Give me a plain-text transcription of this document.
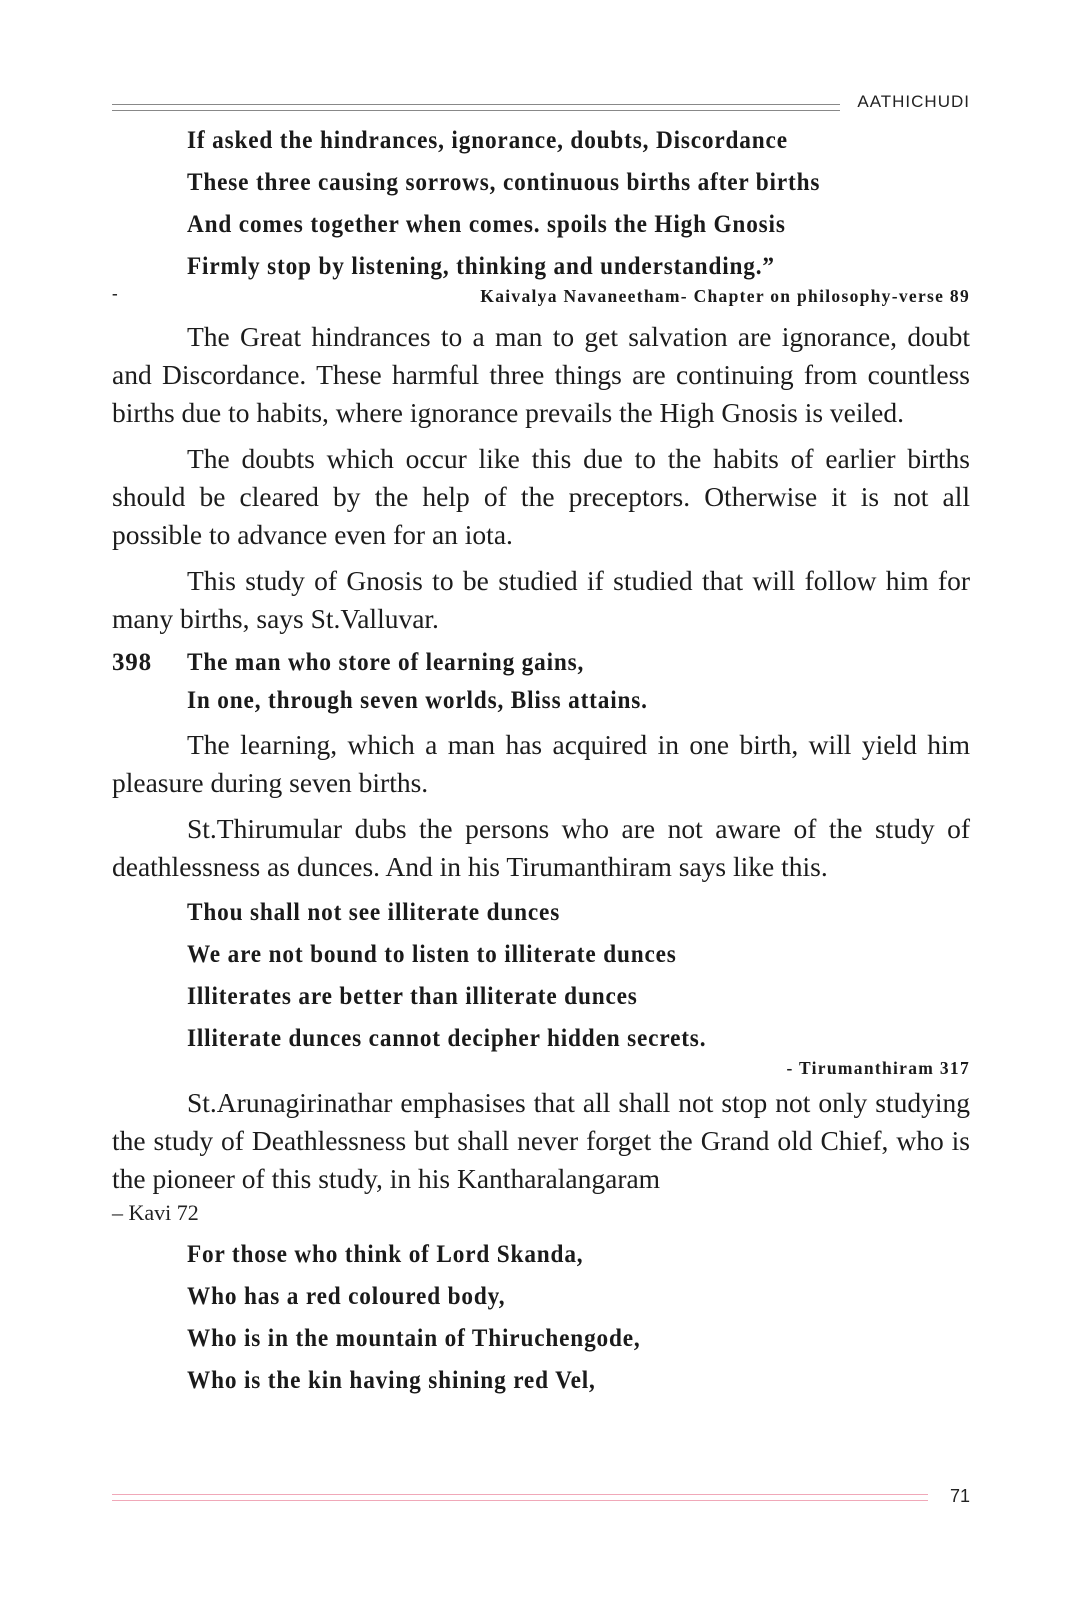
AATHICHUDI
If asked the hindrances, ignorance, doubts, Discordance
These three causing sorrows, continuous births after births
And comes together when comes. spoils the High Gnosis
Firmly stop by listening, thinking and understanding.”
-	Kaivalya Navaneetham- Chapter on philosophy-verse 89

The Great hindrances to a man to get salvation are ignorance, doubt and Discordance. These harmful three things are continuing from countless births due to habits, where ignorance prevails the High Gnosis is veiled.

The doubts which occur like this due to the habits of earlier births should be cleared by the help of the preceptors. Otherwise it is not all possible to advance even for an iota.

This study of Gnosis to be studied if studied that will follow him for many births, says St.Valluvar.

398	The man who store of learning gains,
In one, through seven worlds, Bliss attains.

The learning, which a man has acquired in one birth, will yield him pleasure during seven births.

St.Thirumular dubs the persons who are not aware of the study of deathlessness as dunces. And in his Tirumanthiram says like this.

Thou shall not see illiterate dunces
We are not bound to listen to illiterate dunces
Illiterates are better than illiterate dunces
Illiterate dunces cannot decipher hidden secrets.
- Tirumanthiram 317

St.Arunagirinathar emphasises that all shall not stop not only studying the study of Deathlessness but shall never forget the Grand old Chief, who is the pioneer of this study, in his Kantharalangaram

– Kavi 72
For those who think of Lord Skanda,
Who has a red coloured body,
Who is in the mountain of Thiruchengode,
Who is the kin having shining red Vel,
71
